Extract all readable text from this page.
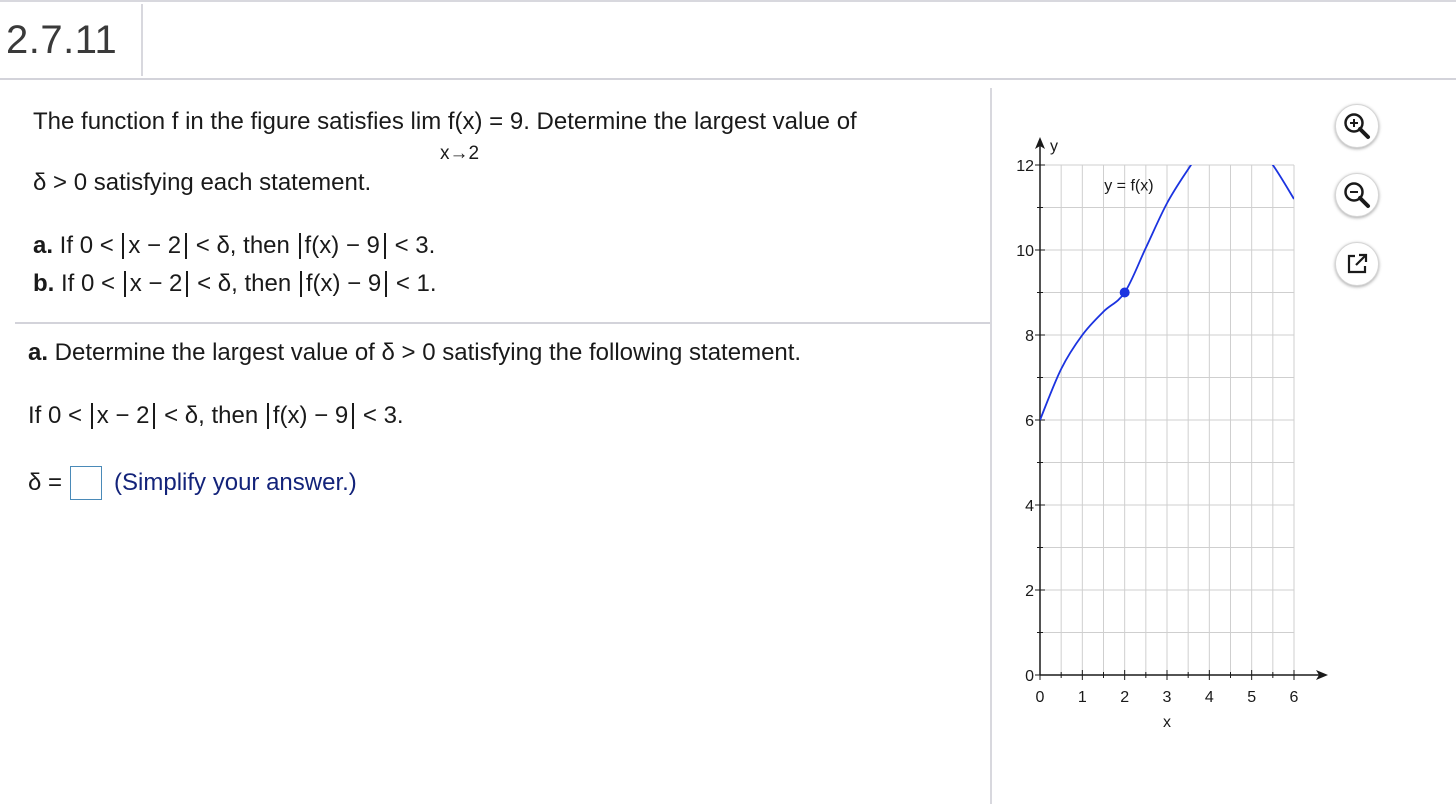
2.7.11
The function f in the figure satisfies lim f(x) = 9. Determine the largest value of
x→2
δ > 0 satisfying each statement.
a. If 0 < x − 2 < δ, then f(x) − 9 < 3.
b. If 0 < x − 2 < δ, then f(x) − 9 < 1.
a. Determine the largest value of δ > 0 satisfying the following statement.
If 0 < x − 2 < δ, then f(x) − 9 < 3.
δ = (Simplify your answer.)
0 1 2 3 4 5 6
0
2
4
6
8
10
12
x
y
y = f(x)
